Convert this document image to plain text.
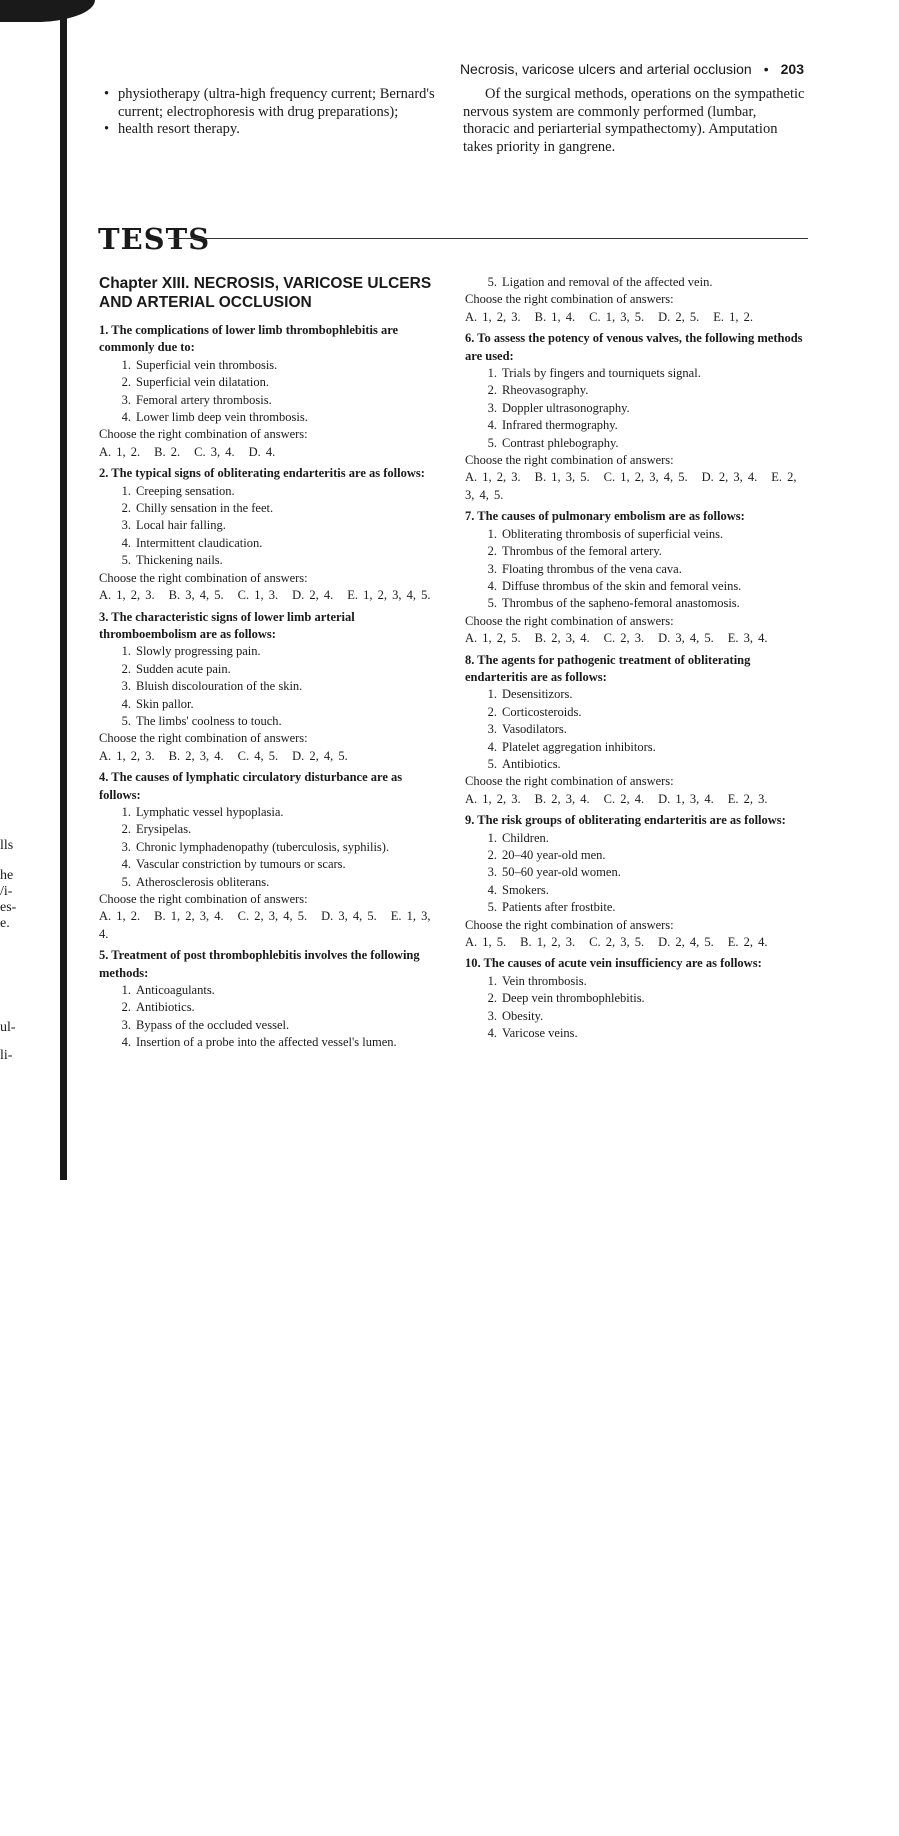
lls
he
/i-
es-
e.
ul-
li-
Necrosis, varicose ulcers and arterial occlusion • 203
• physiotherapy (ultra-high frequency current; Bernard's current; electrophoresis with drug preparations);
• health resort therapy.
Of the surgical methods, operations on the sympathetic nervous system are commonly performed (lumbar, thoracic and periarterial sympathectomy). Amputation takes priority in gangrene.
TESTS
Chapter XIII. NECROSIS, VARICOSE ULCERS AND ARTERIAL OCCLUSION
1. The complications of lower limb thrombophlebitis are commonly due to:
1. Superficial vein thrombosis.
2. Superficial vein dilatation.
3. Femoral artery thrombosis.
4. Lower limb deep vein thrombosis.
Choose the right combination of answers:
A. 1, 2. B. 2. C. 3, 4. D. 4.
2. The typical signs of obliterating endarteritis are as follows:
1. Creeping sensation.
2. Chilly sensation in the feet.
3. Local hair falling.
4. Intermittent claudication.
5. Thickening nails.
Choose the right combination of answers:
A. 1, 2, 3. B. 3, 4, 5. C. 1, 3. D. 2, 4. E. 1, 2, 3, 4, 5.
3. The characteristic signs of lower limb arterial thromboembolism are as follows:
1. Slowly progressing pain.
2. Sudden acute pain.
3. Bluish discolouration of the skin.
4. Skin pallor.
5. The limbs' coolness to touch.
Choose the right combination of answers:
A. 1, 2, 3. B. 2, 3, 4. C. 4, 5. D. 2, 4, 5.
4. The causes of lymphatic circulatory disturbance are as follows:
1. Lymphatic vessel hypoplasia.
2. Erysipelas.
3. Chronic lymphadenopathy (tuberculosis, syphilis).
4. Vascular constriction by tumours or scars.
5. Atherosclerosis obliterans.
Choose the right combination of answers:
A. 1, 2. B. 1, 2, 3, 4. C. 2, 3, 4, 5. D. 3, 4, 5. E. 1, 3, 4.
5. Treatment of post thrombophlebitis involves the following methods:
1. Anticoagulants.
2. Antibiotics.
3. Bypass of the occluded vessel.
4. Insertion of a probe into the affected vessel's lumen.
5. Ligation and removal of the affected vein.
Choose the right combination of answers:
A. 1, 2, 3. B. 1, 4. C. 1, 3, 5. D. 2, 5. E. 1, 2.
6. To assess the potency of venous valves, the following methods are used:
1. Trials by fingers and tourniquets signal.
2. Rheovasography.
3. Doppler ultrasonography.
4. Infrared thermography.
5. Contrast phlebography.
Choose the right combination of answers:
A. 1, 2, 3. B. 1, 3, 5. C. 1, 2, 3, 4, 5. D. 2, 3, 4. E. 2, 3, 4, 5.
7. The causes of pulmonary embolism are as follows:
1. Obliterating thrombosis of superficial veins.
2. Thrombus of the femoral artery.
3. Floating thrombus of the vena cava.
4. Diffuse thrombus of the skin and femoral veins.
5. Thrombus of the sapheno-femoral anastomosis.
Choose the right combination of answers:
A. 1, 2, 5. B. 2, 3, 4. C. 2, 3. D. 3, 4, 5. E. 3, 4.
8. The agents for pathogenic treatment of obliterating endarteritis are as follows:
1. Desensitizors.
2. Corticosteroids.
3. Vasodilators.
4. Platelet aggregation inhibitors.
5. Antibiotics.
Choose the right combination of answers:
A. 1, 2, 3. B. 2, 3, 4. C. 2, 4. D. 1, 3, 4. E. 2, 3.
9. The risk groups of obliterating endarteritis are as follows:
1. Children.
2. 20–40 year-old men.
3. 50–60 year-old women.
4. Smokers.
5. Patients after frostbite.
Choose the right combination of answers:
A. 1, 5. B. 1, 2, 3. C. 2, 3, 5. D. 2, 4, 5. E. 2, 4.
10. The causes of acute vein insufficiency are as follows:
1. Vein thrombosis.
2. Deep vein thrombophlebitis.
3. Obesity.
4. Varicose veins.
